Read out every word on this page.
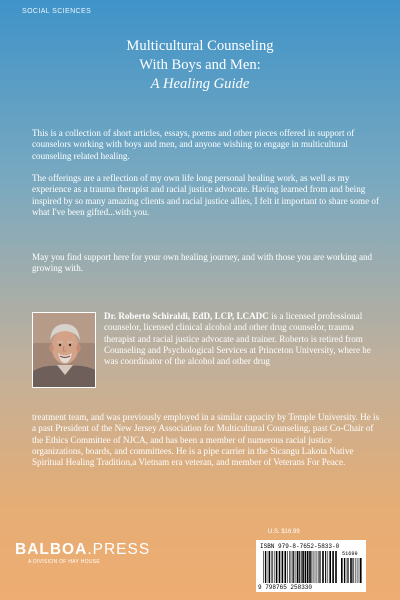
SOCIAL SCIENCES
Multicultural Counseling
With Boys and Men:
A Healing Guide

This is a collection of short articles, essays, poems and other pieces offered in support of counselors working with boys and men, and anyone wishing to engage in multicultural counseling related healing.

The offerings are a reflection of my own life long personal healing work, as well as my experience as a trauma therapist and racial justice advocate. Having learned from and being inspired by so many amazing clients and racial justice allies, I felt it important to share some of what I've been gifted...with you.

May you find support here for your own healing journey, and with those you are working and growing with.

Dr. Roberto Schiraldi, EdD, LCP, LCADC is a licensed professional counselor, licensed clinical alcohol and other drug counselor, trauma therapist and racial justice advocate and trainer. Roberto is retired from Counseling and Psychological Services at Princeton University, where he was coordinator of the alcohol and other drug

treatment team, and was previously employed in a similar capacity by Temple University. He is a past President of the New Jersey Association for Multicultural Counseling, past Co-Chair of the Ethics Committee of NJCA, and has been a member of numerous racial justice organizations, boards, and committees. He is a pipe carrier in the Sicangu Lakota Native Spiritual Healing Tradition,a Vietnam era veteran, and member of Veterans For Peace.

U.S. $16.99
ISBN 979-8-7652-5833-0
51699
9 798765 258330
BALBOA.PRESS
A DIVISION OF HAY HOUSE
